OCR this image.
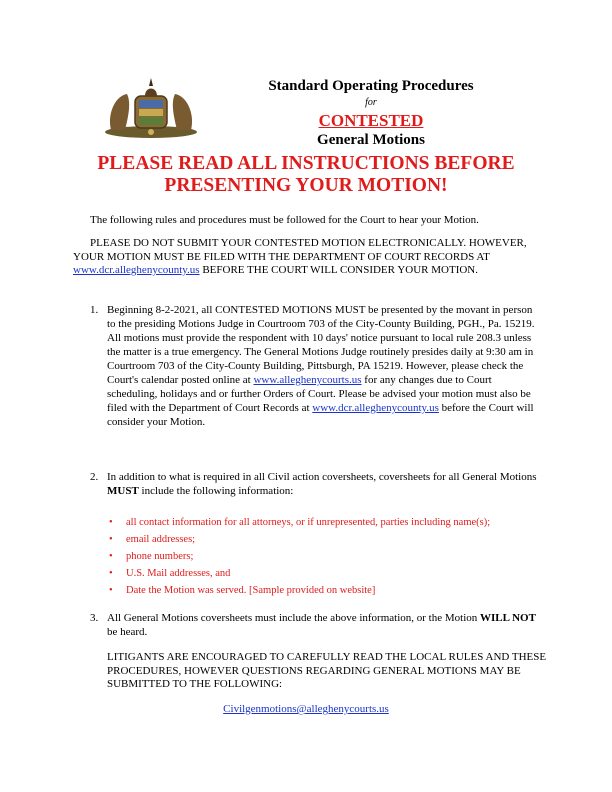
Standard Operating Procedures
for
CONTESTED
General Motions
PLEASE READ ALL INSTRUCTIONS BEFORE
PRESENTING YOUR MOTION!
The following rules and procedures must be followed for the Court to hear your Motion.
PLEASE DO NOT SUBMIT YOUR CONTESTED MOTION ELECTRONICALLY. HOWEVER, YOUR MOTION MUST BE FILED WITH THE DEPARTMENT OF COURT RECORDS AT www.dcr.alleghenycounty.us BEFORE THE COURT WILL CONSIDER YOUR MOTION.
1. Beginning 8-2-2021, all CONTESTED MOTIONS MUST be presented by the movant in person to the presiding Motions Judge in Courtroom 703 of the City-County Building, PGH., Pa. 15219. All motions must provide the respondent with 10 days' notice pursuant to local rule 208.3 unless the matter is a true emergency. The General Motions Judge routinely presides daily at 9:30 am in Courtroom 703 of the City-County Building, Pittsburgh, PA 15219. However, please check the Court's calendar posted online at www.alleghenycourts.us for any changes due to Court scheduling, holidays and or further Orders of Court. Please be advised your motion must also be filed with the Department of Court Records at www.dcr.alleghenycounty.us before the Court will consider your Motion.
2. In addition to what is required in all Civil action coversheets, coversheets for all General Motions MUST include the following information:
• all contact information for all attorneys, or if unrepresented, parties including name(s);
• email addresses;
• phone numbers;
• U.S. Mail addresses, and
• Date the Motion was served. [Sample provided on website]
3. All General Motions coversheets must include the above information, or the Motion WILL NOT be heard.
LITIGANTS ARE ENCOURAGED TO CAREFULLY READ THE LOCAL RULES AND THESE PROCEDURES, HOWEVER QUESTIONS REGARDING GENERAL MOTIONS MAY BE SUBMITTED TO THE FOLLOWING:
Civilgenmotions@alleghenycourts.us
